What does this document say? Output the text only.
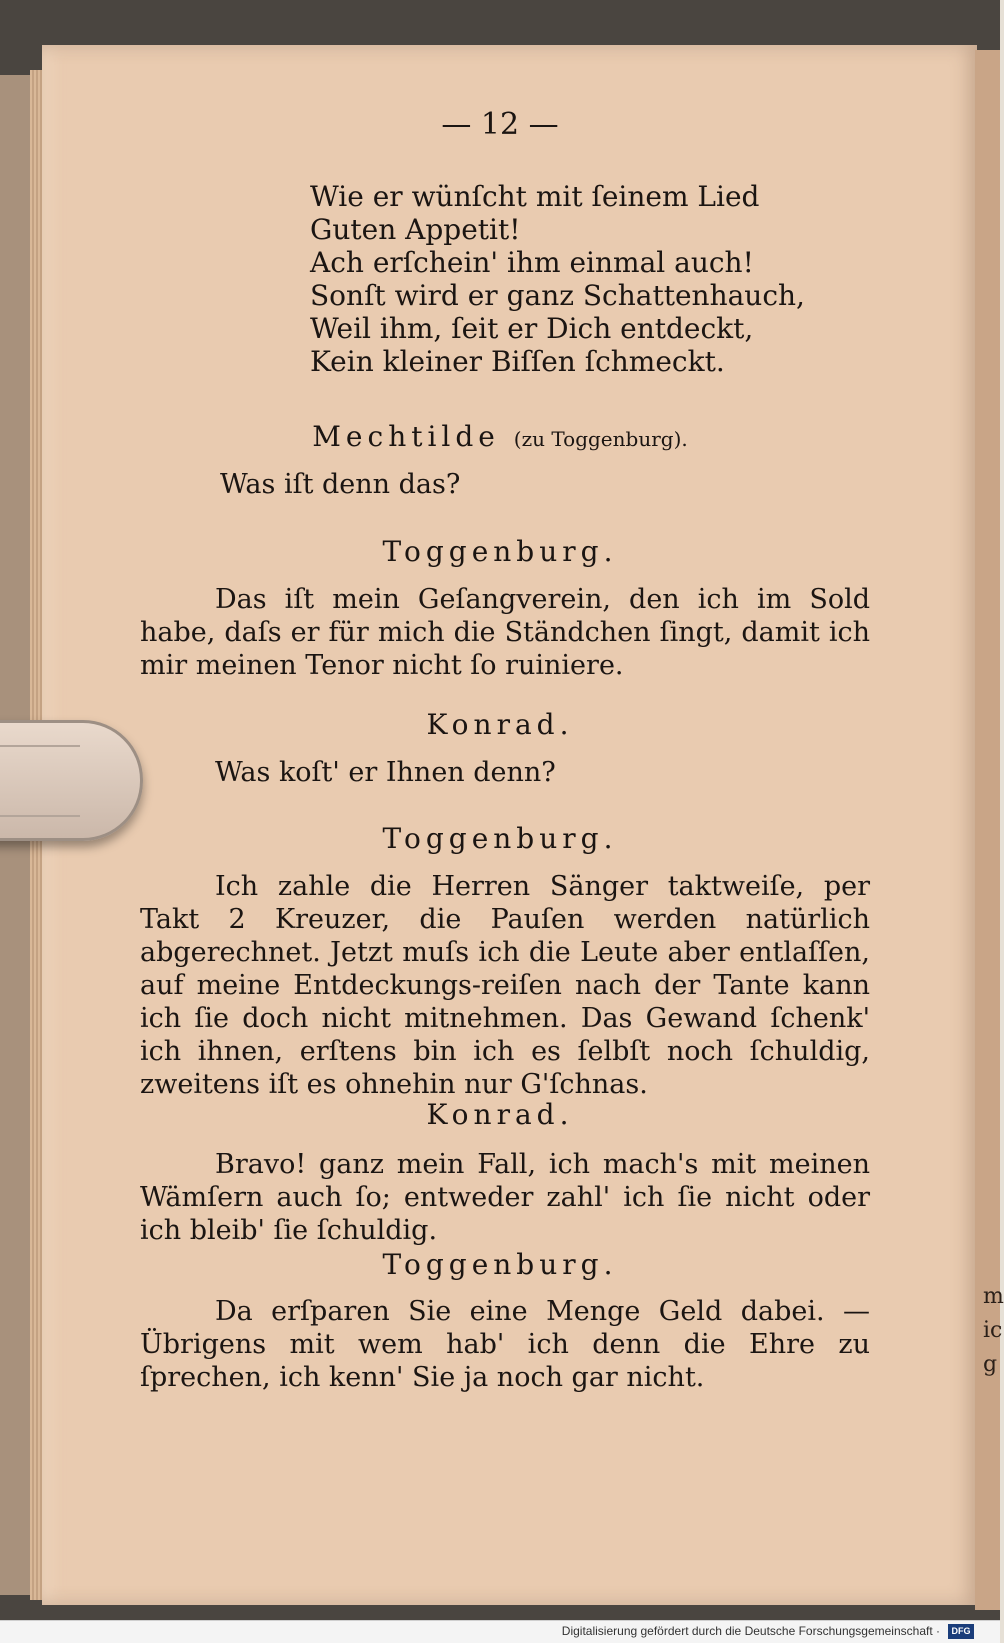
m
ic
g
— 12 —
Wie er wünſcht mit ſeinem Lied
Guten Appetit!
Ach erſchein' ihm einmal auch!
Sonſt wird er ganz Schattenhauch,
Weil ihm, ſeit er Dich entdeckt,
Kein kleiner Biſſen ſchmeckt.
Mechtilde (zu Toggenburg).
Was iſt denn das?
Toggenburg.
Das iſt mein Geſangverein, den ich im Sold habe, daſs er für mich die Ständchen ſingt, damit ich mir meinen Tenor nicht ſo ruiniere.
Konrad.
Was koſt' er Ihnen denn?
Toggenburg.
Ich zahle die Herren Sänger taktweiſe, per Takt 2 Kreuzer, die Pauſen werden natürlich abgerechnet. Jetzt muſs ich die Leute aber entlaſſen, auf meine Entdeckungs-reiſen nach der Tante kann ich ſie doch nicht mitnehmen. Das Gewand ſchenk' ich ihnen, erſtens bin ich es ſelbſt noch ſchuldig, zweitens iſt es ohnehin nur G'ſchnas.
Konrad.
Bravo! ganz mein Fall, ich mach's mit meinen Wämſern auch ſo; entweder zahl' ich ſie nicht oder ich bleib' ſie ſchuldig.
Toggenburg.
Da erſparen Sie eine Menge Geld dabei. — Übrigens mit wem hab' ich denn die Ehre zu ſprechen, ich kenn' Sie ja noch gar nicht.
Digitalisierung gefördert durch die Deutsche Forschungsgemeinschaft ·	DFG
